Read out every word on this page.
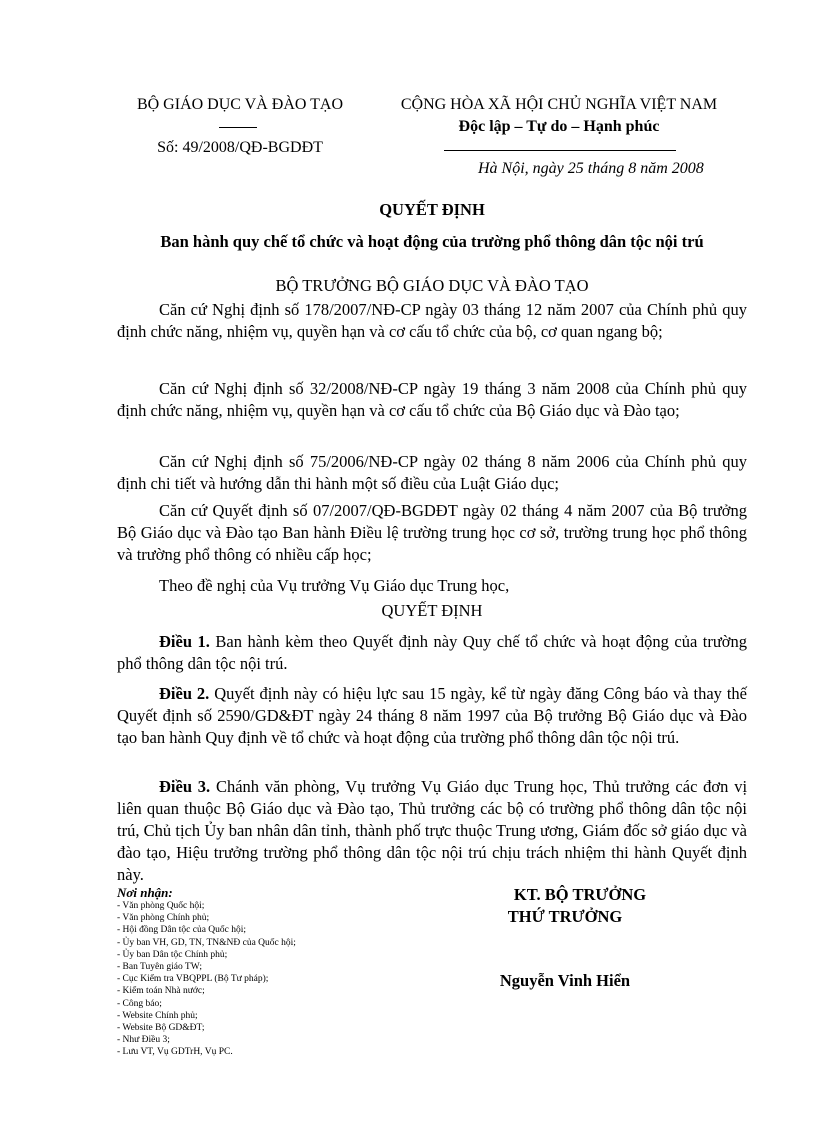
BỘ GIÁO DỤC VÀ ĐÀO TẠO
Số: 49/2008/QĐ-BGDĐT
CỘNG HÒA XÃ HỘI CHỦ NGHĨA VIỆT NAM
Độc lập – Tự do – Hạnh phúc
Hà Nội, ngày 25 tháng 8 năm 2008
QUYẾT ĐỊNH
Ban hành quy chế tổ chức và hoạt động của trường phổ thông dân tộc nội trú
BỘ TRƯỞNG BỘ GIÁO DỤC VÀ ĐÀO TẠO
Căn cứ Nghị định số 178/2007/NĐ-CP ngày 03 tháng 12 năm 2007 của Chính phủ quy định chức năng, nhiệm vụ, quyền hạn và cơ cấu tổ chức của bộ, cơ quan ngang bộ;
Căn cứ Nghị định số 32/2008/NĐ-CP ngày 19 tháng 3 năm 2008 của Chính phủ quy định chức năng, nhiệm vụ, quyền hạn và cơ cấu tổ chức của Bộ Giáo dục và Đào tạo;
Căn cứ Nghị định số 75/2006/NĐ-CP ngày 02 tháng 8 năm 2006 của Chính phủ quy định chi tiết và hướng dẫn thi hành một số điều của Luật Giáo dục;
Căn cứ Quyết định số 07/2007/QĐ-BGDĐT ngày 02 tháng 4 năm 2007 của Bộ trưởng Bộ Giáo dục và Đào tạo Ban hành Điều lệ trường trung học cơ sở, trường trung học phổ thông và trường phổ thông có nhiều cấp học;
Theo đề nghị của Vụ trưởng Vụ Giáo dục Trung học,
QUYẾT ĐỊNH
Điều 1. Ban hành kèm theo Quyết định này Quy chế tổ chức và hoạt động của trường phổ thông dân tộc nội trú.
Điều 2. Quyết định này có hiệu lực sau 15 ngày, kể từ ngày đăng Công báo và thay thế Quyết định số 2590/GD&ĐT ngày 24 tháng 8 năm 1997 của Bộ trưởng Bộ Giáo dục và Đào tạo ban hành Quy định về tổ chức và hoạt động của trường phổ thông dân tộc nội trú.
Điều 3. Chánh văn phòng, Vụ trưởng Vụ Giáo dục Trung học, Thủ trưởng các đơn vị liên quan thuộc Bộ Giáo dục và Đào tạo, Thủ trưởng các bộ có trường phổ thông dân tộc nội trú, Chủ tịch Ủy ban nhân dân tỉnh, thành phố trực thuộc Trung ương, Giám đốc sở giáo dục và đào tạo, Hiệu trưởng trường phổ thông dân tộc nội trú chịu trách nhiệm thi hành Quyết định này.
Nơi nhận:
- Văn phòng Quốc hội;
- Văn phòng Chính phủ;
- Hội đồng Dân tộc của Quốc hội;
- Ủy ban VH, GD, TN, TN&NĐ của Quốc hội;
- Ủy ban Dân tộc Chính phủ;
- Ban Tuyên giáo TW;
- Cục Kiểm tra VBQPPL (Bộ Tư pháp);
- Kiểm toán Nhà nước;
- Công báo;
- Website Chính phủ;
- Website Bộ GD&ĐT;
- Như Điều 3;
- Lưu VT, Vụ GDTrH, Vụ PC.
KT. BỘ TRƯỞNG
THỨ TRƯỞNG
Nguyễn Vinh Hiển
